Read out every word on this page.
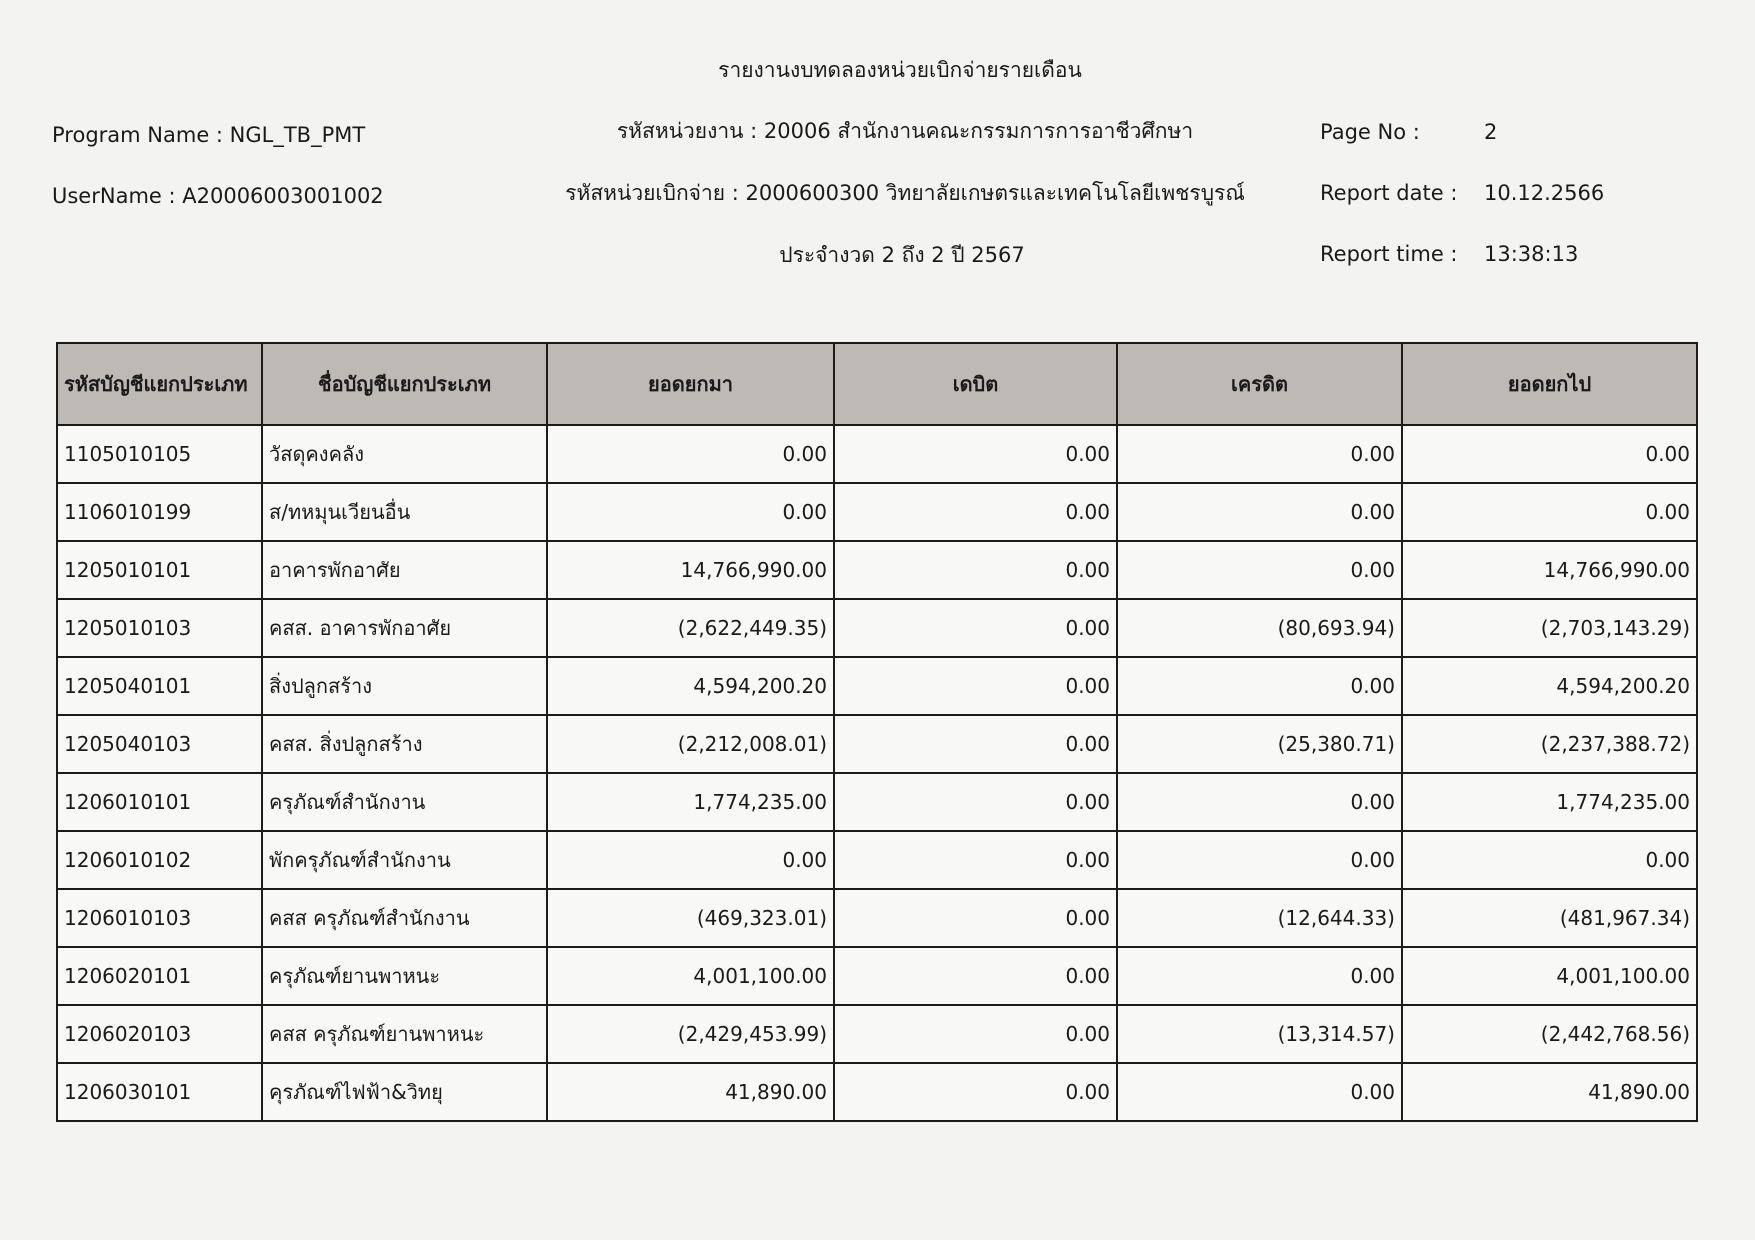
รายงานงบทดลองหน่วยเบิกจ่ายรายเดือน
Program Name : NGL_TB_PMT
UserName : A20006003001002
รหัสหน่วยงาน : 20006 สำนักงานคณะกรรมการการอาชีวศึกษา
รหัสหน่วยเบิกจ่าย : 2000600300 วิทยาลัยเกษตรและเทคโนโลยีเพชรบูรณ์
ประจำงวด 2 ถึง 2 ปี 2567
Page No :	2
Report date : 10.12.2566
Report time : 13:38:13
รหัสบัญชีแยกประเภท	ชื่อบัญชีแยกประเภท	ยอดยกมา	เดบิต	เครดิต	ยอดยกไป
1105010105	วัสดุคงคลัง	0.00	0.00	0.00	0.00
1106010199	ส/ทหมุนเวียนอื่น	0.00	0.00	0.00	0.00
1205010101	อาคารพักอาศัย	14,766,990.00	0.00	0.00	14,766,990.00
1205010103	คสส. อาคารพักอาศัย	(2,622,449.35)	0.00	(80,693.94)	(2,703,143.29)
1205040101	สิ่งปลูกสร้าง	4,594,200.20	0.00	0.00	4,594,200.20
1205040103	คสส. สิ่งปลูกสร้าง	(2,212,008.01)	0.00	(25,380.71)	(2,237,388.72)
1206010101	ครุภัณฑ์สำนักงาน	1,774,235.00	0.00	0.00	1,774,235.00
1206010102	พักครุภัณฑ์สำนักงาน	0.00	0.00	0.00	0.00
1206010103	คสส ครุภัณฑ์สำนักงาน	(469,323.01)	0.00	(12,644.33)	(481,967.34)
1206020101	ครุภัณฑ์ยานพาหนะ	4,001,100.00	0.00	0.00	4,001,100.00
1206020103	คสส ครุภัณฑ์ยานพาหนะ	(2,429,453.99)	0.00	(13,314.57)	(2,442,768.56)
1206030101	คุรภัณฑ์ไฟฟ้า&วิทยุ	41,890.00	0.00	0.00	41,890.00
